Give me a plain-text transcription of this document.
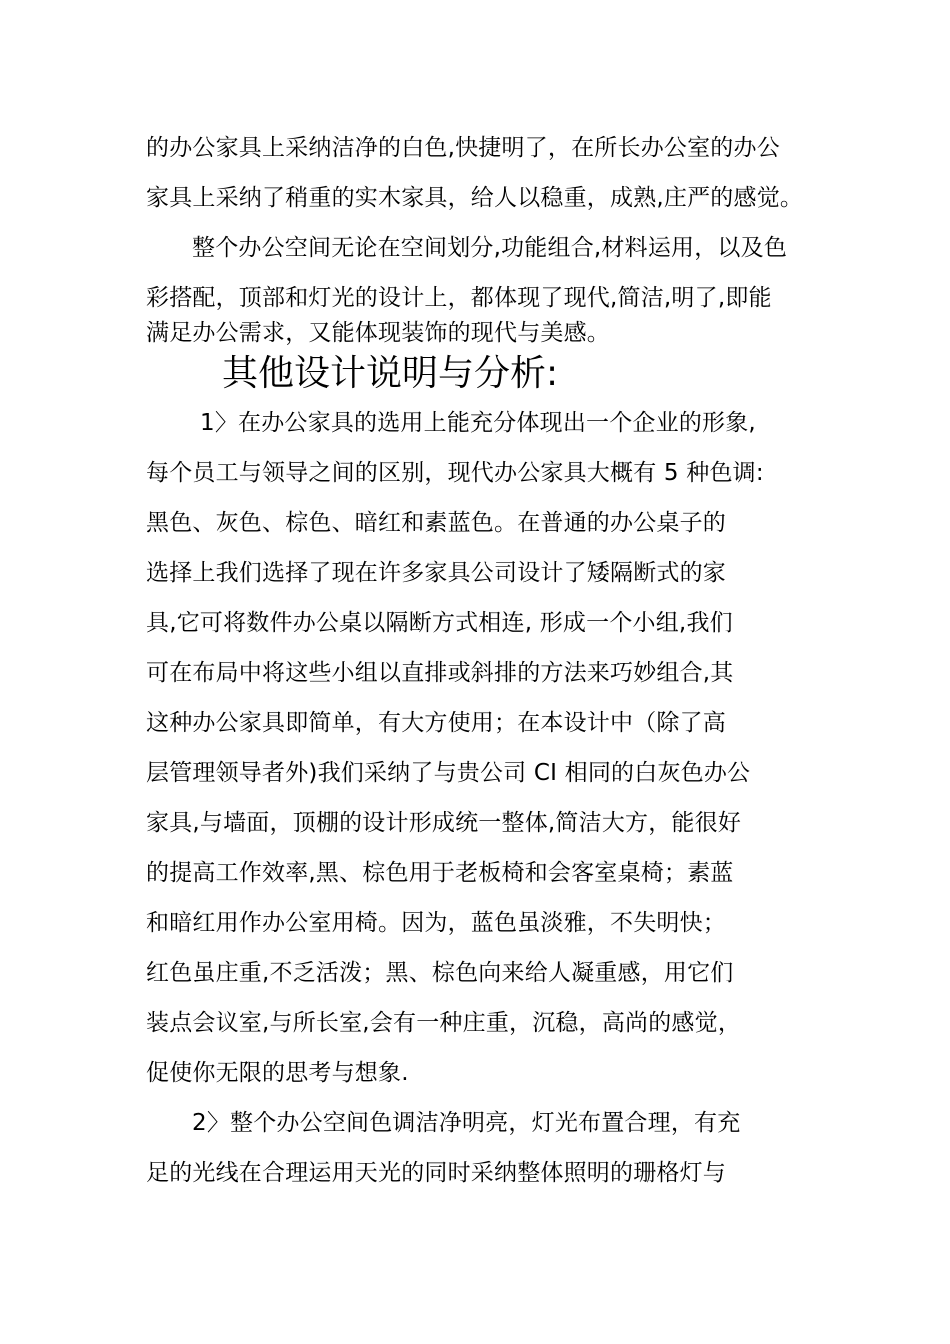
的办公家具上采纳洁净的白色,快捷明了，在所长办公室的办公
家具上采纳了稍重的实木家具，给人以稳重，成熟,庄严的感觉。
整个办公空间无论在空间划分,功能组合,材料运用，以及色
彩搭配，顶部和灯光的设计上，都体现了现代,简洁,明了,即能
满足办公需求，又能体现装饰的现代与美感。
其他设计说明与分析:
1〉在办公家具的选用上能充分体现出一个企业的形象,
每个员工与领导之间的区别，现代办公家具大概有 5 种色调:
黑色、灰色、棕色、暗红和素蓝色。在普通的办公桌子的
选择上我们选择了现在许多家具公司设计了矮隔断式的家
具,它可将数件办公桌以隔断方式相连, 形成一个小组,我们
可在布局中将这些小组以直排或斜排的方法来巧妙组合,其
这种办公家具即简单，有大方使用；在本设计中（除了高
层管理领导者外)我们采纳了与贵公司 CI 相同的白灰色办公
家具,与墙面，顶棚的设计形成统一整体,简洁大方，能很好
的提高工作效率,黑、棕色用于老板椅和会客室桌椅；素蓝
和暗红用作办公室用椅。因为，蓝色虽淡雅，不失明快；
红色虽庄重,不乏活泼；黑、棕色向来给人凝重感，用它们
装点会议室,与所长室,会有一种庄重，沉稳，高尚的感觉，
促使你无限的思考与想象.
2〉整个办公空间色调洁净明亮，灯光布置合理，有充
足的光线在合理运用天光的同时采纳整体照明的珊格灯与
